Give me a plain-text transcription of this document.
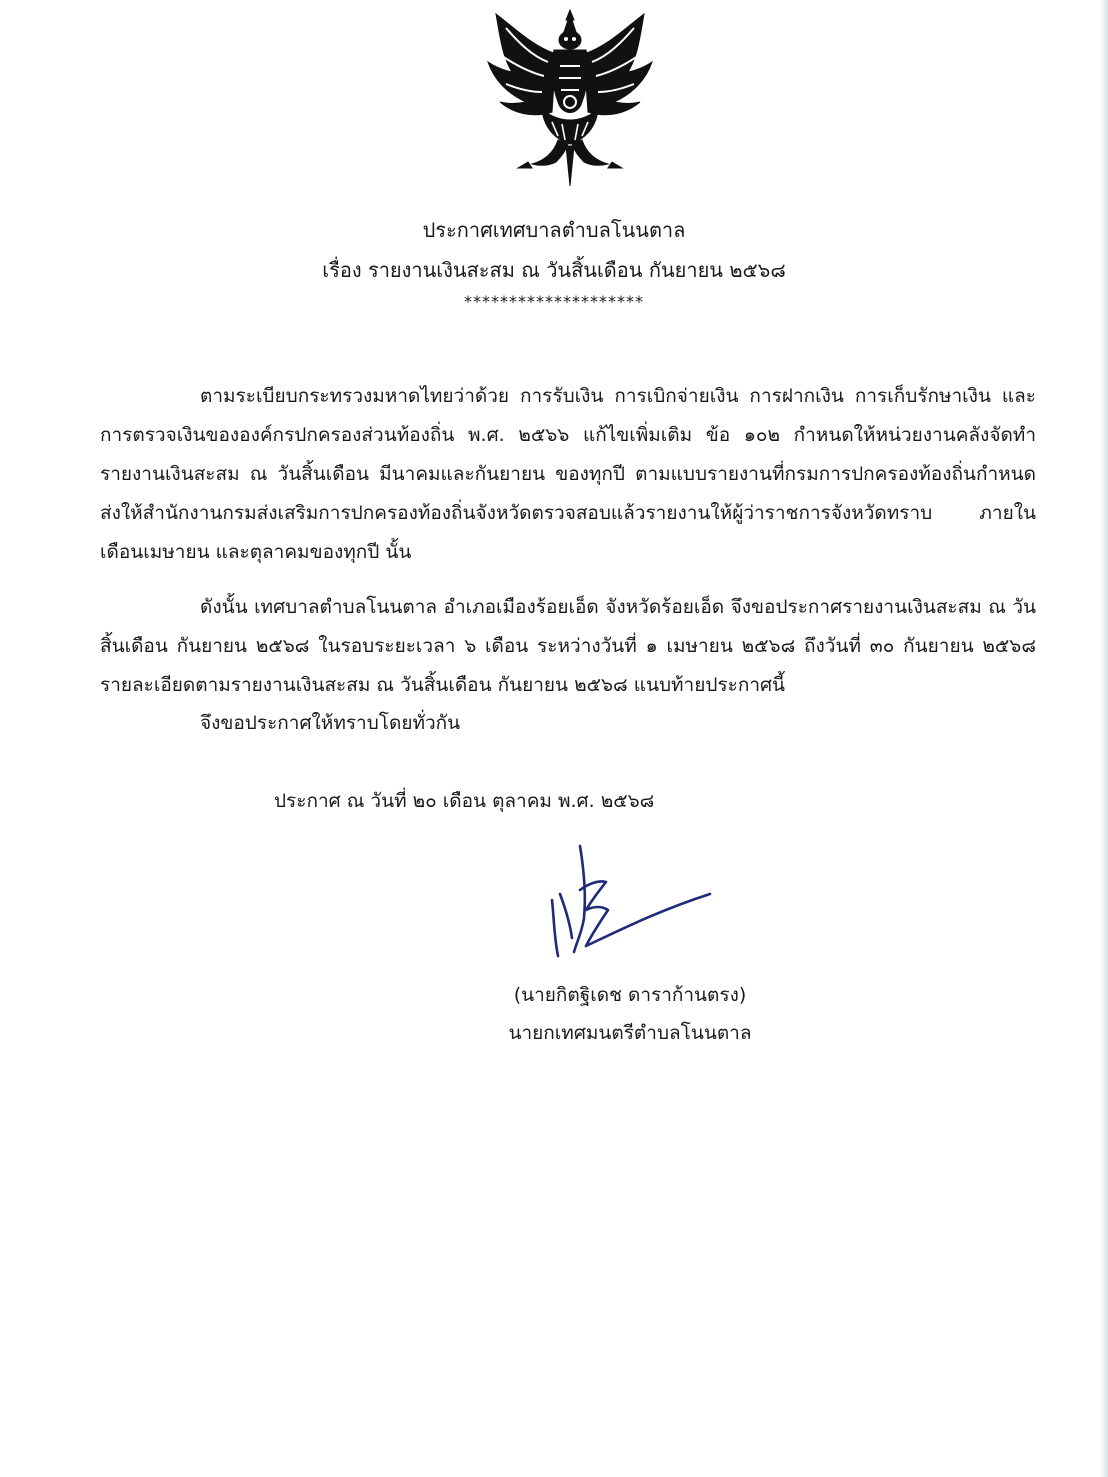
ประกาศเทศบาลตำบลโนนตาล
เรื่อง รายงานเงินสะสม ณ วันสิ้นเดือน กันยายน ๒๕๖๘
********************
ตามระเบียบกระทรวงมหาดไทยว่าด้วย การรับเงิน การเบิกจ่ายเงิน การฝากเงิน การเก็บรักษาเงิน และการตรวจเงินขององค์กรปกครองส่วนท้องถิ่น พ.ศ. ๒๕๖๖ แก้ไขเพิ่มเติม ข้อ ๑๐๒ กำหนดให้หน่วยงานคลังจัดทำรายงานเงินสะสม ณ วันสิ้นเดือน มีนาคมและกันยายน ของทุกปี ตามแบบรายงานที่กรมการปกครองท้องถิ่นกำหนดส่งให้สำนักงานกรมส่งเสริมการปกครองท้องถิ่นจังหวัดตรวจสอบแล้วรายงานให้ผู้ว่าราชการจังหวัดทราบ ภายในเดือนเมษายน และตุลาคมของทุกปี นั้น
ดังนั้น เทศบาลตำบลโนนตาล อำเภอเมืองร้อยเอ็ด จังหวัดร้อยเอ็ด จึงขอประกาศรายงานเงินสะสม ณ วันสิ้นเดือน กันยายน ๒๕๖๘ ในรอบระยะเวลา ๖ เดือน ระหว่างวันที่ ๑ เมษายน ๒๕๖๘ ถึงวันที่ ๓๐ กันยายน ๒๕๖๘ รายละเอียดตามรายงานเงินสะสม ณ วันสิ้นเดือน กันยายน ๒๕๖๘ แนบท้ายประกาศนี้
จึงขอประกาศให้ทราบโดยทั่วกัน
ประกาศ ณ วันที่ ๒๐ เดือน ตุลาคม พ.ศ. ๒๕๖๘
(นายกิตฐิเดช ดาราก้านตรง)
นายกเทศมนตรีตำบลโนนตาล
